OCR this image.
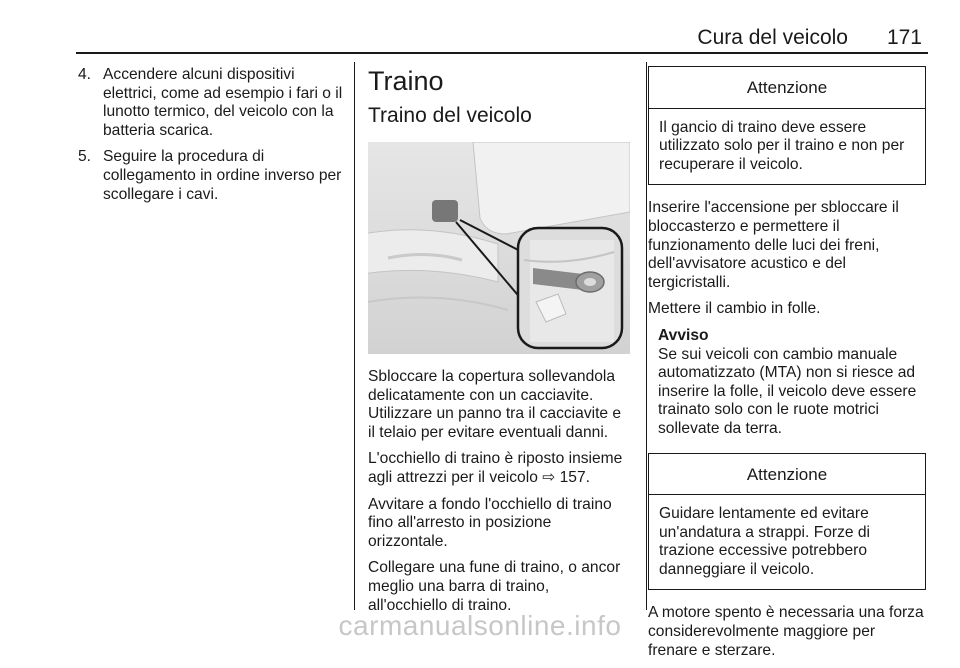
Cura del veicolo 171
4. Accendere alcuni dispositivi elettrici, come ad esempio i fari o il lunotto termico, del veicolo con la batteria scarica.
5. Seguire la procedura di collegamento in ordine inverso per scollegare i cavi.
Traino
Traino del veicolo

Sbloccare la copertura sollevandola delicatamente con un cacciavite. Utilizzare un panno tra il cacciavite e il telaio per evitare eventuali danni.

L'occhiello di traino è riposto insieme agli attrezzi per il veicolo ⇨ 157.

Avvitare a fondo l'occhiello di traino fino all'arresto in posizione orizzontale.

Collegare una fune di traino, o ancor meglio una barra di traino, all'occhiello di traino.

Attenzione
Il gancio di traino deve essere utilizzato solo per il traino e non per recuperare il veicolo.

Inserire l'accensione per sbloccare il bloccasterzo e permettere il funzionamento delle luci dei freni, dell'avvisatore acustico e del tergicristalli.

Mettere il cambio in folle.

Avviso
Se sui veicoli con cambio manuale automatizzato (MTA) non si riesce ad inserire la folle, il veicolo deve essere trainato solo con le ruote motrici sollevate da terra.
Attenzione
Guidare lentamente ed evitare un'andatura a strappi. Forze di trazione eccessive potrebbero danneggiare il veicolo.

A motore spento è necessaria una forza considerevolmente maggiore per frenare e sterzare.

carmanualsonline.info
